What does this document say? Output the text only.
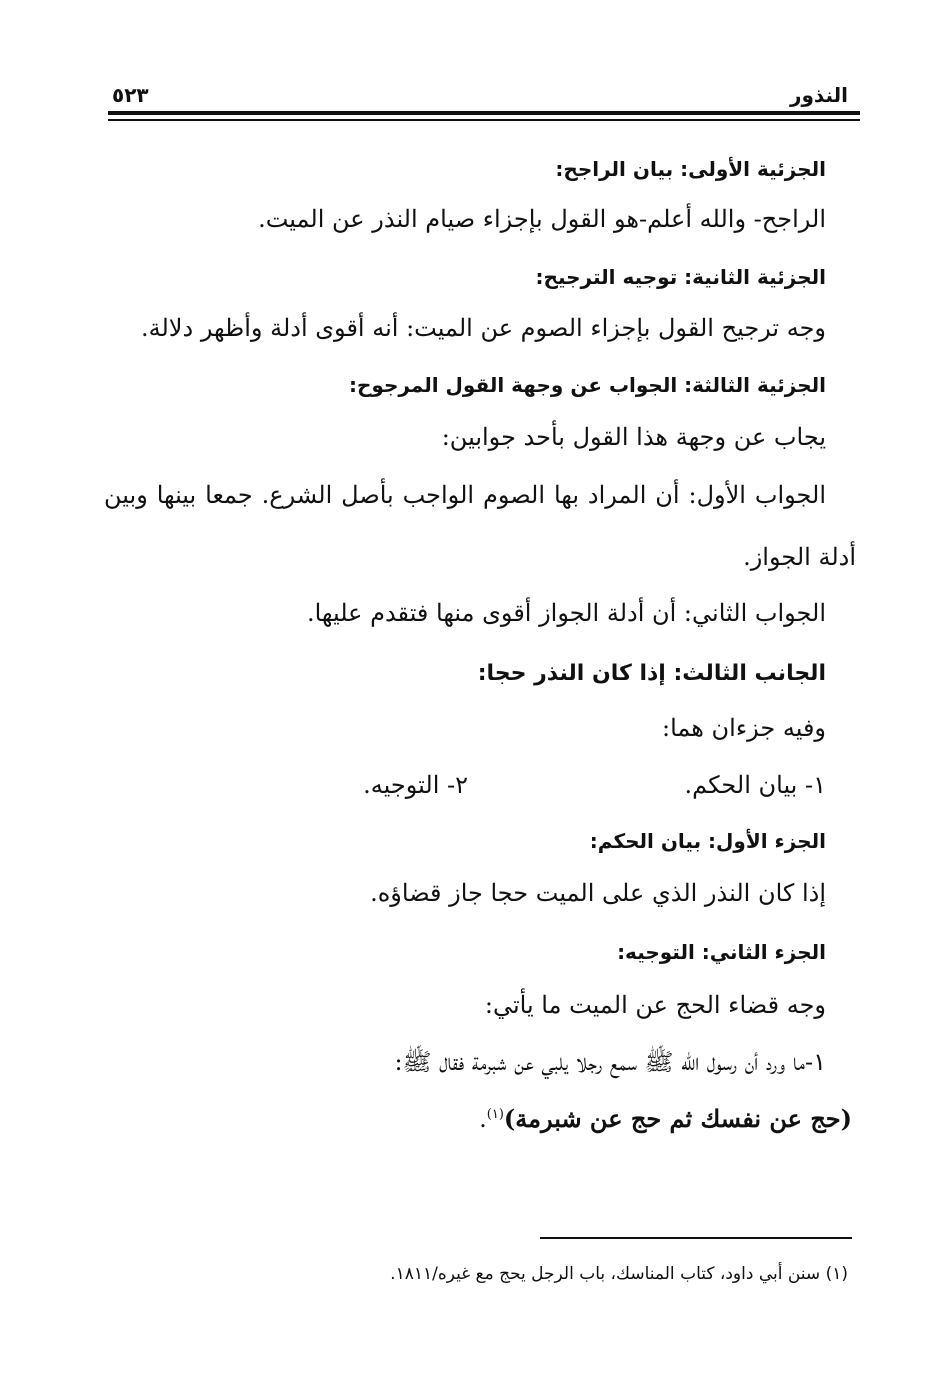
النذور
٥٢٣
الجزئية الأولى: بيان الراجح:
الراجح- والله أعلم-هو القول بإجزاء صيام النذر عن الميت.
الجزئية الثانية: توجيه الترجيح:
وجه ترجيح القول بإجزاء الصوم عن الميت: أنه أقوى أدلة وأظهر دلالة.
الجزئية الثالثة: الجواب عن وجهة القول المرجوح:
يجاب عن وجهة هذا القول بأحد جوابين:
الجواب الأول: أن المراد بها الصوم الواجب بأصل الشرع. جمعا بينها وبين
أدلة الجواز.
الجواب الثاني: أن أدلة الجواز أقوى منها فتقدم عليها.
الجانب الثالث: إذا كان النذر حجا:
وفيه جزءان هما:
١- بيان الحكم.
٢- التوجيه.
الجزء الأول: بيان الحكم:
إذا كان النذر الذي على الميت حجا جاز قضاؤه.
الجزء الثاني: التوجيه:
وجه قضاء الحج عن الميت ما يأتي:
١-ما ورد أن رسول الله ﷺ سمع رجلا يلبي عن شبرمة فقال ﷺ:
(حج عن نفسك ثم حج عن شبرمة)$^{(١)}$.
(١) سنن أبي داود، كتاب المناسك، باب الرجل يحج مع غيره/١٨١١.
